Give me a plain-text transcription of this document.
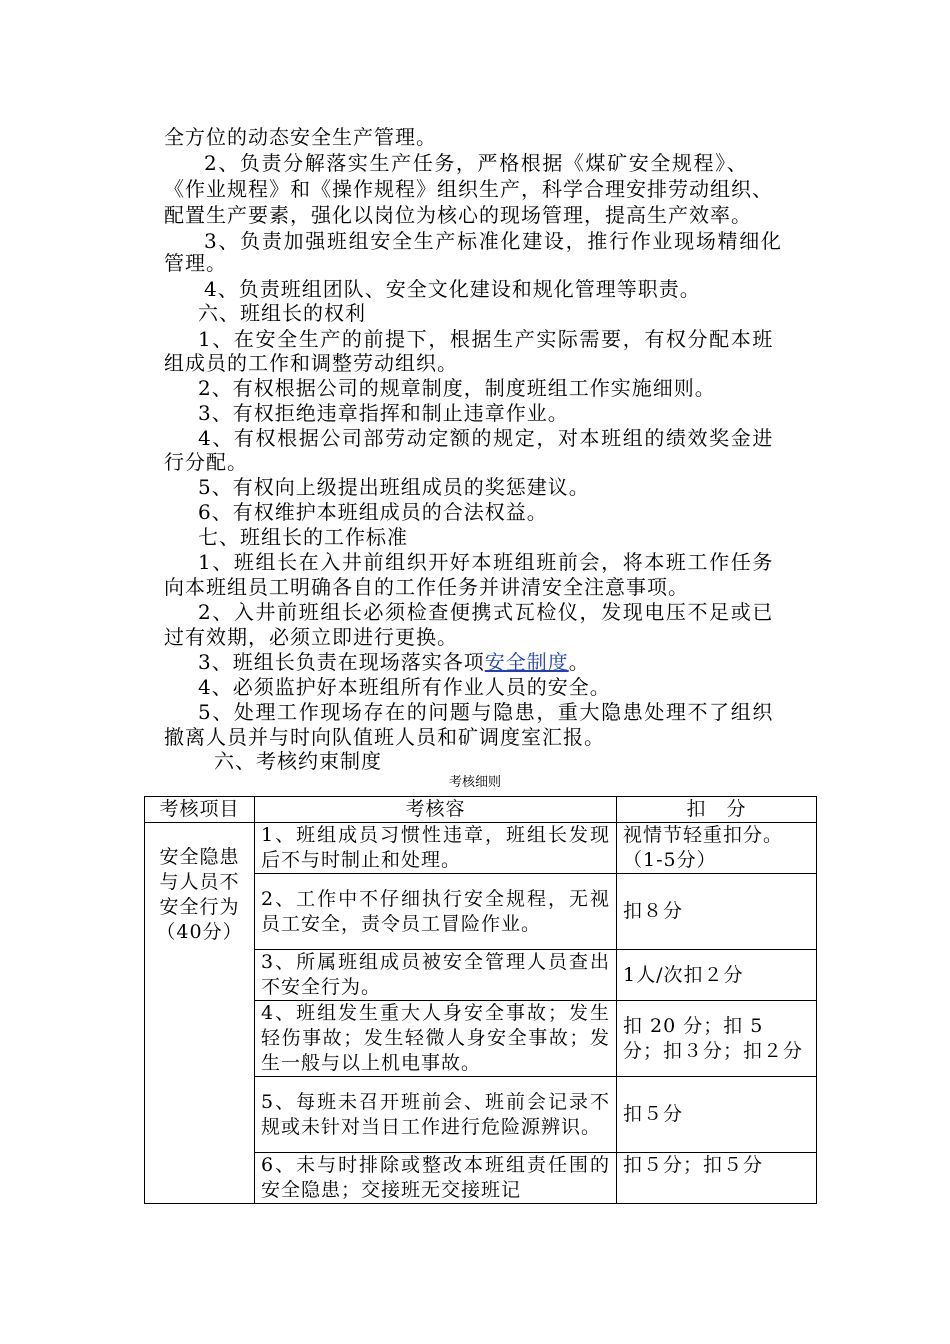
全方位的动态安全生产管理。
2、负责分解落实生产任务，严格根据《煤矿安全规程》、
《作业规程》和《操作规程》组织生产，科学合理安排劳动组织、
配置生产要素，强化以岗位为核心的现场管理，提高生产效率。
3、负责加强班组安全生产标准化建设，推行作业现场精细化
管理。
4、负责班组团队、安全文化建设和规化管理等职责。
六、班组长的权利
1、在安全生产的前提下，根据生产实际需要，有权分配本班
组成员的工作和调整劳动组织。
2、有权根据公司的规章制度，制度班组工作实施细则。
3、有权拒绝违章指挥和制止违章作业。
4、有权根据公司部劳动定额的规定，对本班组的绩效奖金进
行分配。
5、有权向上级提出班组成员的奖惩建议。
6、有权维护本班组成员的合法权益。
七、班组长的工作标准
1、班组长在入井前组织开好本班组班前会，将本班工作任务
向本班组员工明确各自的工作任务并讲清安全注意事项。
2、入井前班组长必须检查便携式瓦检仪，发现电压不足或已
过有效期，必须立即进行更换。
3、班组长负责在现场落实各项安全制度。
4、必须监护好本班组所有作业人员的安全。
5、处理工作现场存在的问题与隐患，重大隐患处理不了组织
撤离人员并与时向队值班人员和矿调度室汇报。
六、考核约束制度
考核细则
考核项目	考核容	扣　分
安全隐患与人员不安全行为（40分）	1、班组成员习惯性违章，班组长发现后不与时制止和处理。	视情节轻重扣分。（1-5分）
	2、工作中不仔细执行安全规程，无视员工安全，责令员工冒险作业。	扣８分
	3、所属班组成员被安全管理人员查出不安全行为。	1人/次扣２分
	4、班组发生重大人身安全事故；发生轻伤事故；发生轻微人身安全事故；发生一般与以上机电事故。	扣 20 分；扣 5 分；扣３分；扣２分
	5、每班未召开班前会、班前会记录不规或未针对当日工作进行危险源辨识。	扣５分
	6、未与时排除或整改本班组责任围的安全隐患；交接班无交接班记	扣５分；扣５分
